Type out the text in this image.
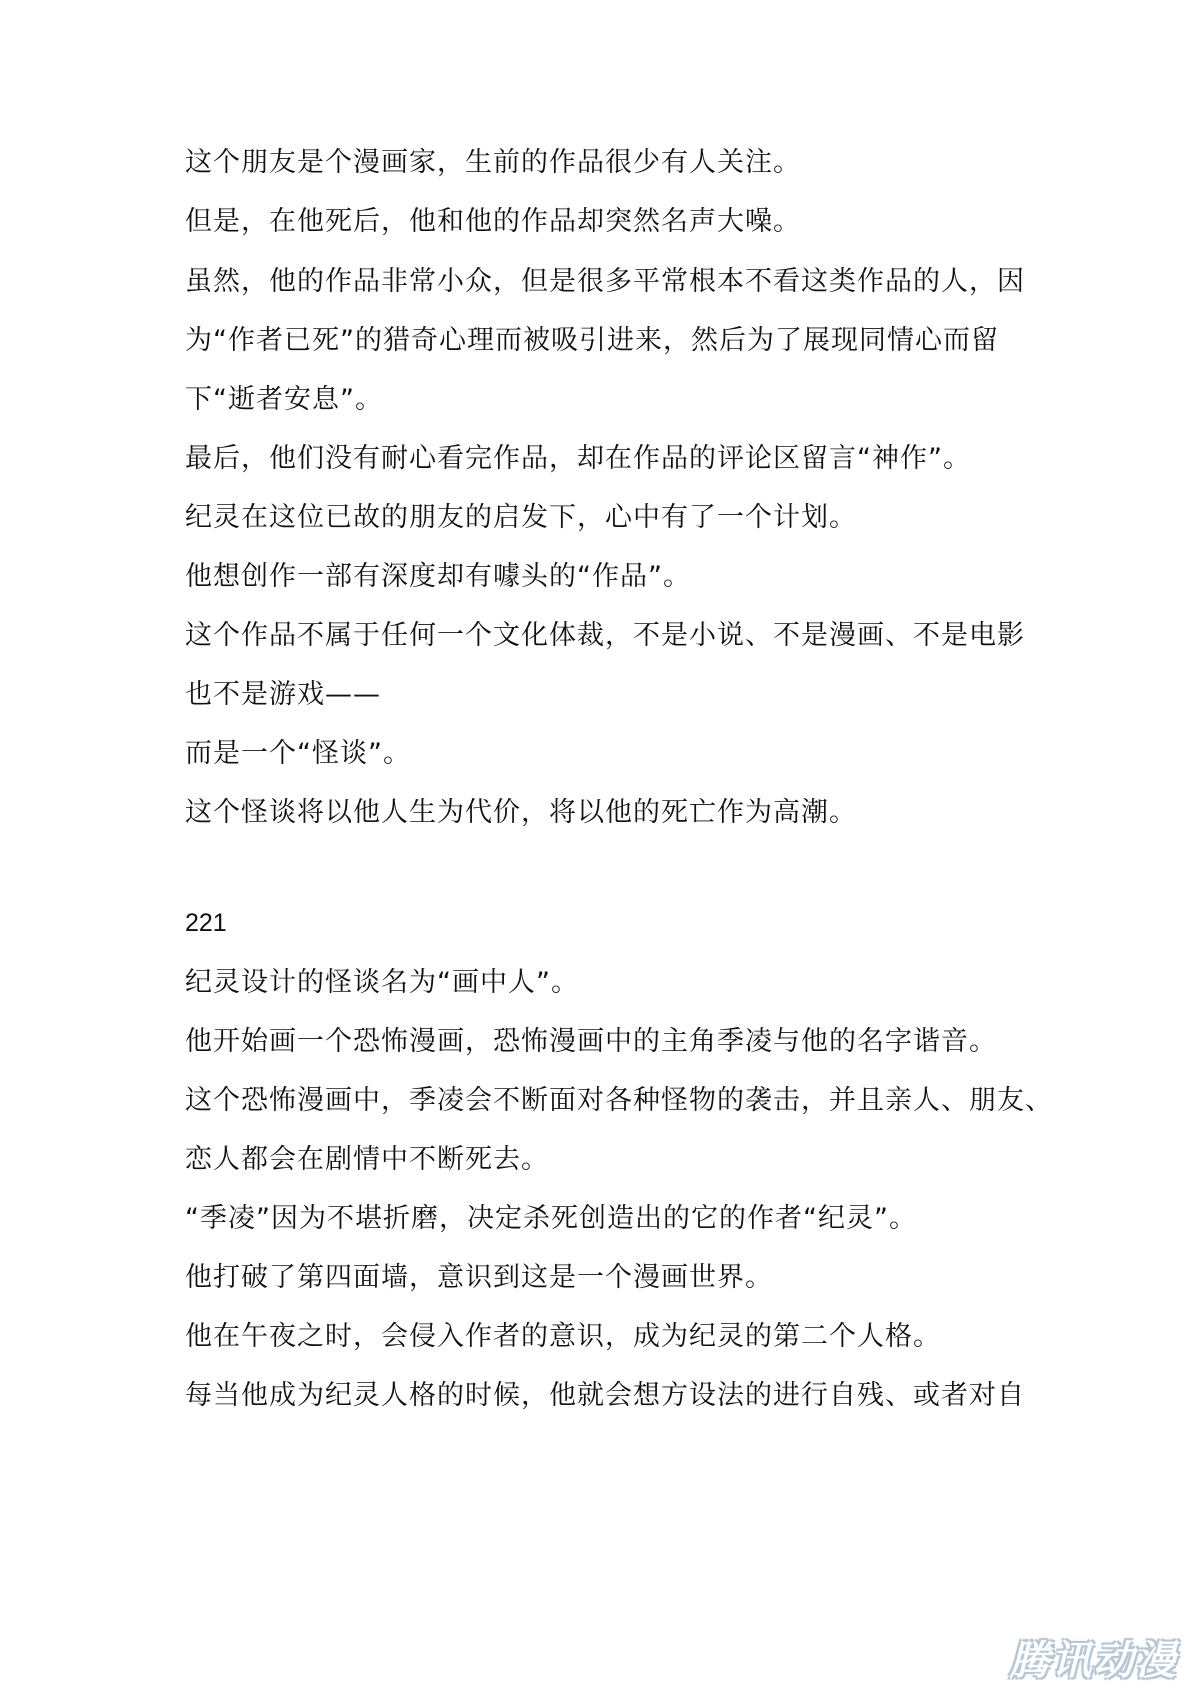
这个朋友是个漫画家，生前的作品很少有人关注。
但是，在他死后，他和他的作品却突然名声大噪。
虽然，他的作品非常小众，但是很多平常根本不看这类作品的人，因
为“作者已死”的猎奇心理而被吸引进来，然后为了展现同情心而留
下“逝者安息”。
最后，他们没有耐心看完作品，却在作品的评论区留言“神作”。
纪灵在这位已故的朋友的启发下，心中有了一个计划。
他想创作一部有深度却有噱头的“作品”。
这个作品不属于任何一个文化体裁，不是小说、不是漫画、不是电影
也不是游戏——
而是一个“怪谈”。
这个怪谈将以他人生为代价，将以他的死亡作为高潮。
221
纪灵设计的怪谈名为“画中人”。
他开始画一个恐怖漫画，恐怖漫画中的主角季凌与他的名字谐音。
这个恐怖漫画中，季凌会不断面对各种怪物的袭击，并且亲人、朋友、
恋人都会在剧情中不断死去。
“季凌”因为不堪折磨，决定杀死创造出的它的作者“纪灵”。
他打破了第四面墙，意识到这是一个漫画世界。
他在午夜之时，会侵入作者的意识，成为纪灵的第二个人格。
每当他成为纪灵人格的时候，他就会想方设法的进行自残、或者对自
腾讯动漫
